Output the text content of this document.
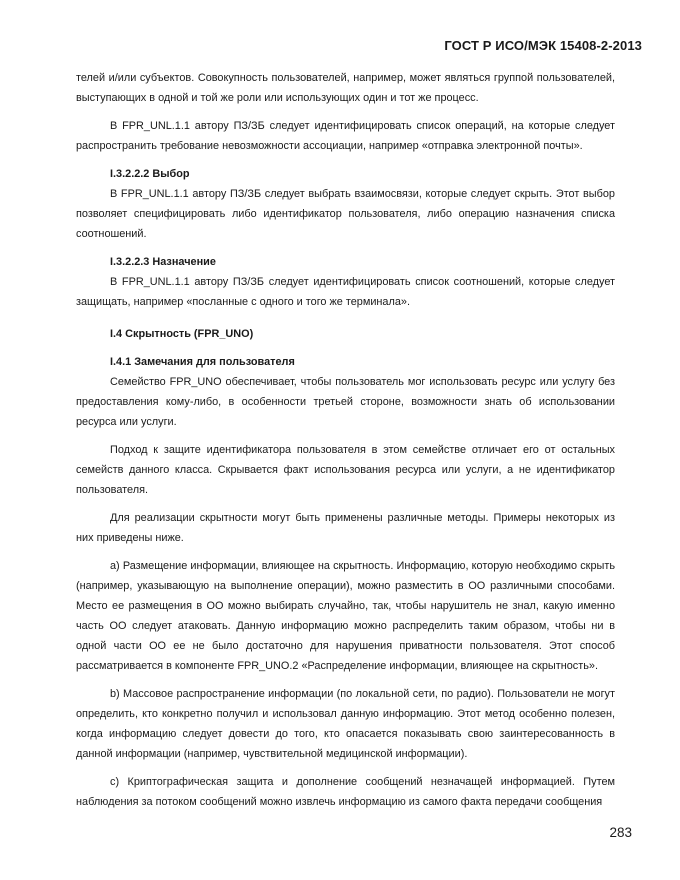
ГОСТ Р ИСО/МЭК 15408-2-2013

телей и/или субъектов. Совокупность пользователей, например, может являться группой пользователей, выступающих в одной и той же роли или использующих один и тот же процесс.

В FPR_UNL.1.1 автору ПЗ/ЗБ следует идентифицировать список операций, на которые следует распространить требование невозможности ассоциации, например «отправка электронной почты».

I.3.2.2.2 Выбор

В FPR_UNL.1.1 автору ПЗ/ЗБ следует выбрать взаимосвязи, которые следует скрыть. Этот выбор позволяет специфицировать либо идентификатор пользователя, либо операцию назначения списка соотношений.

I.3.2.2.3 Назначение

В FPR_UNL.1.1 автору ПЗ/ЗБ следует идентифицировать список соотношений, которые следует защищать, например «посланные с одного и того же терминала».

I.4 Скрытность (FPR_UNO)

I.4.1 Замечания для пользователя

Семейство FPR_UNO обеспечивает, чтобы пользователь мог использовать ресурс или услугу без предоставления кому-либо, в особенности третьей стороне, возможности знать об использовании ресурса или услуги.

Подход к защите идентификатора пользователя в этом семействе отличает его от остальных семейств данного класса. Скрывается факт использования ресурса или услуги, а не идентификатор пользователя.

Для реализации скрытности могут быть применены различные методы. Примеры некоторых из них приведены ниже.

а) Размещение информации, влияющее на скрытность. Информацию, которую необходимо скрыть (например, указывающую на выполнение операции), можно разместить в ОО различными способами. Место ее размещения в ОО можно выбирать случайно, так, чтобы нарушитель не знал, какую именно часть ОО следует атаковать. Данную информацию можно распределить таким образом, чтобы ни в одной части ОО ее не было достаточно для нарушения приватности пользователя. Этот способ рассматривается в компоненте FPR_UNO.2 «Распределение информации, влияющее на скрытность».

b) Массовое распространение информации (по локальной сети, по радио). Пользователи не могут определить, кто конкретно получил и использовал данную информацию. Этот метод особенно полезен, когда информацию следует довести до того, кто опасается показывать свою заинтересованность в данной информации (например, чувствительной медицинской информации).

c) Криптографическая защита и дополнение сообщений незначащей информацией. Путем наблюдения за потоком сообщений можно извлечь информацию из самого факта передачи сообщения

283
